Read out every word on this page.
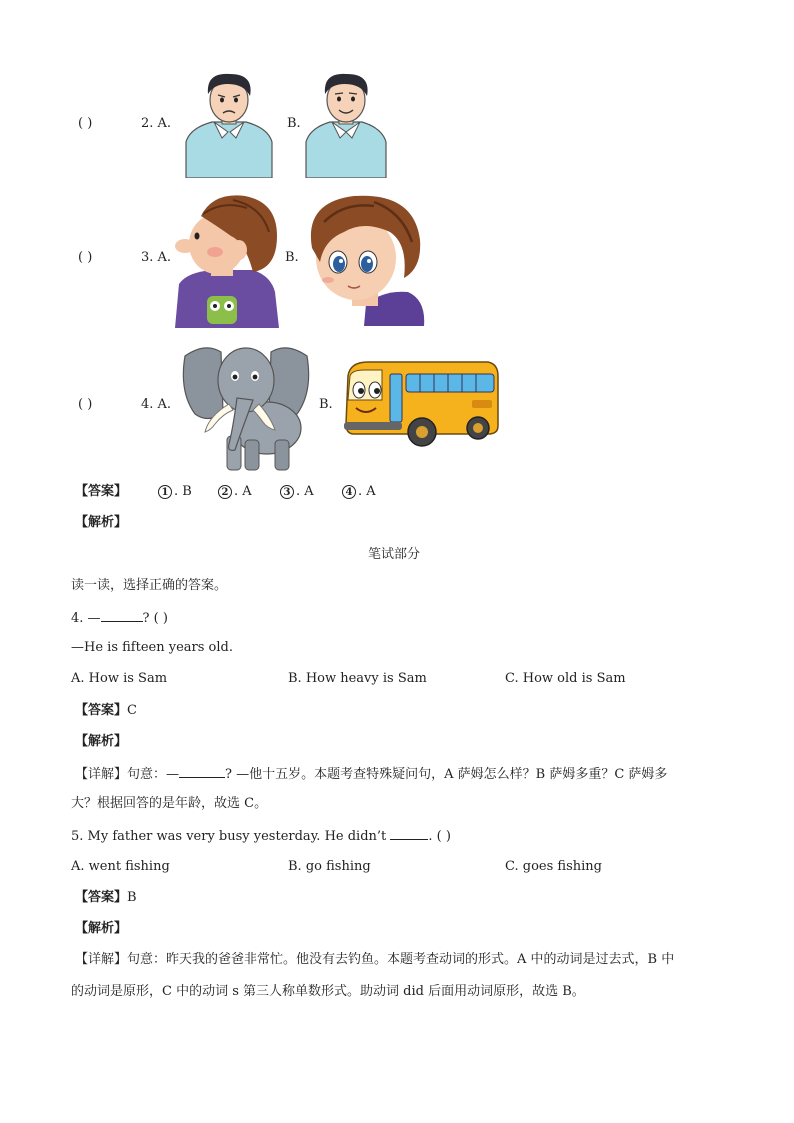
( )	2. A.	B.
( )	3. A.	B.
( )	4. A.	B.
【答案】	1 . B	2 . A	3 . A	4 . A
【解析】
笔试部分
读一读，选择正确的答案。
4. —	? ( )
—He is fifteen years old.
A. How is Sam	B. How heavy is Sam	C. How old is Sam
【答案】C
【解析】
【详解】句意：—	? —他十五岁。本题考查特殊疑问句，A 萨姆怎么样？B 萨姆多重？C 萨姆多
大？根据回答的是年龄，故选 C。
5. My father was very busy yesterday. He didn’t	. ( )
A. went fishing	B. go fishing	C. goes fishing
【答案】B
【解析】
【详解】句意：昨天我的爸爸非常忙。他没有去钓鱼。本题考查动词的形式。A 中的动词是过去式，B 中
的动词是原形，C 中的动词 s 第三人称单数形式。助动词 did 后面用动词原形，故选 B。
